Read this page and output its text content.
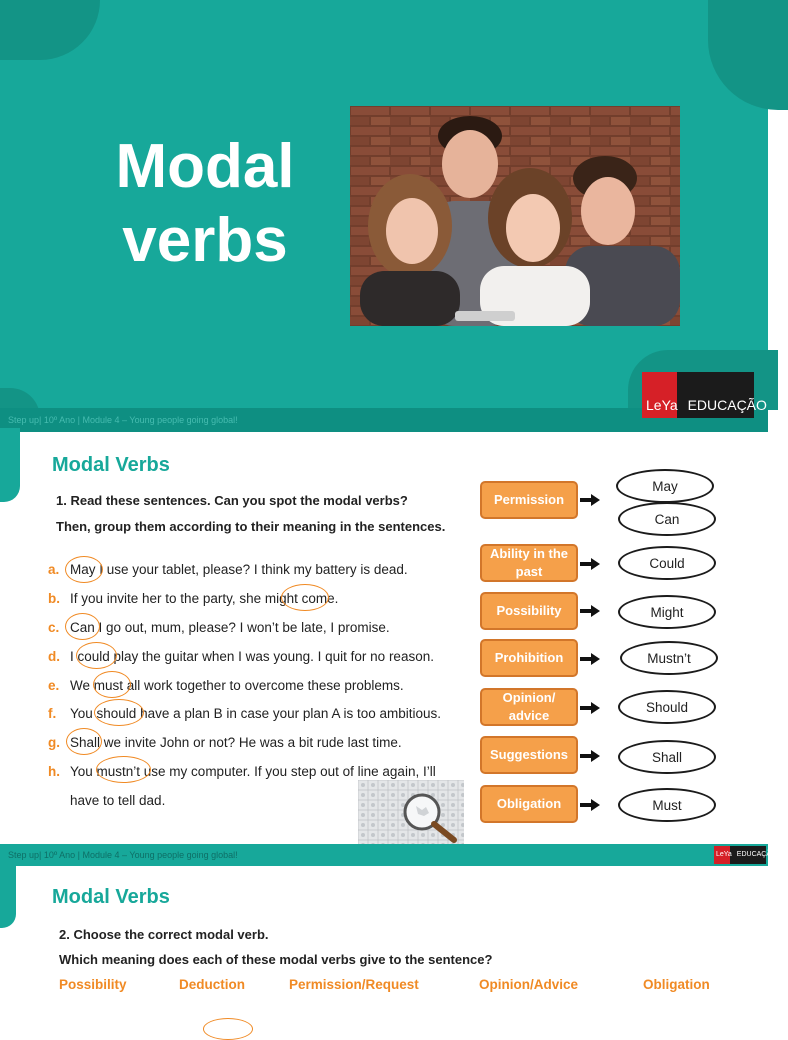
Modal
verbs
Step up| 10º Ano | Module 4 – Young people going global!
LeYa EDUCAÇÃO
Modal Verbs
1. Read these sentences. Can you spot the modal verbs?
Then, group them according to their meaning in the sentences.
a. May I use your tablet, please? I think my battery is dead.
b. If you invite her to the party, she might come.
c. Can I go out, mum, please? I won’t be late, I promise.
d. I could play the guitar when I was young. I quit for no reason.
e. We must all work together to overcome these problems.
f. You should have a plan B in case your plan A is too ambitious.
g. Shall we invite John or not? He was a bit rude last time.
h. You mustn’t use my computer. If you step out of line again, I’ll
have to tell dad.
Permission
Ability in the past
Possibility
Prohibition
Opinion/ advice
Suggestions
Obligation
May
Can
Could
Might
Mustn’t
Should
Shall
Must
Step up| 10º Ano | Module 4 – Young people going global!	LeYa EDUCAÇÃO
Modal Verbs
2. Choose the correct modal verb.
Which meaning does each of these modal verbs give to the sentence?
Possibility	Deduction	Permission/Request	Opinion/Advice	Obligation
